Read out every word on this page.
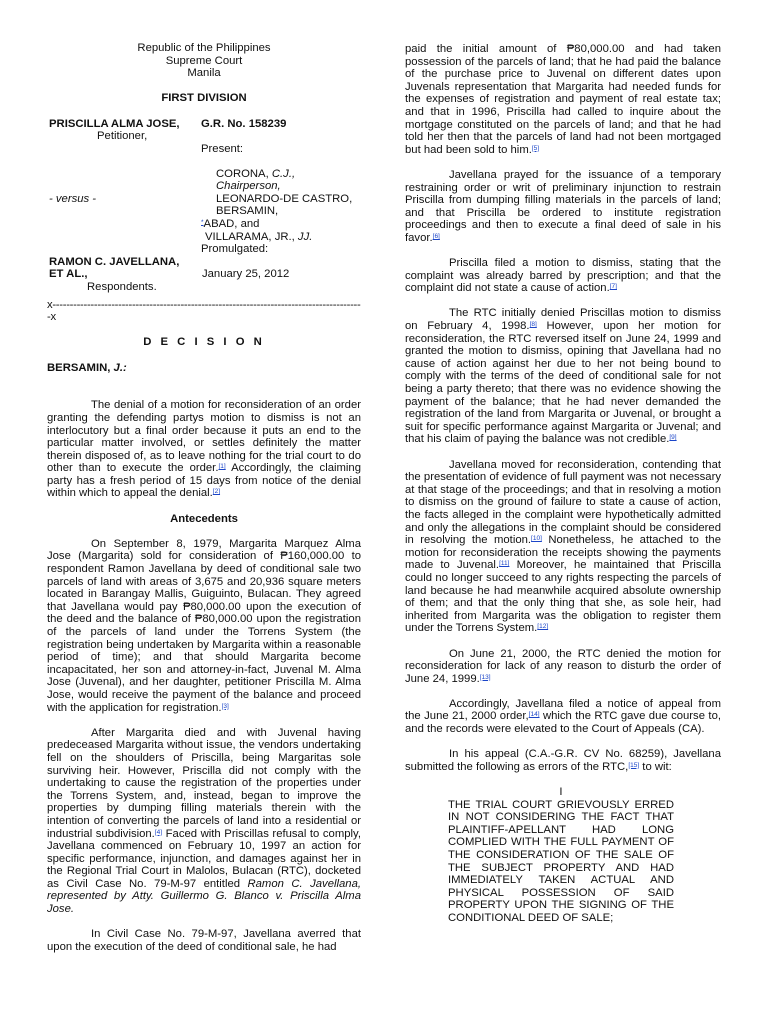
Republic of the Philippines
Supreme Court
Manila
FIRST DIVISION
PRISCILLA ALMA JOSE,
Petitioner,
G.R. No. 158239
Present:
CORONA, C.J.,
Chairperson,
LEONARDO-DE CASTRO,
BERSAMIN,
*ABAD, and
VILLARAMA, JR., JJ.
- versus -
Promulgated:
RAMON C. JAVELLANA,
ET AL.,
Respondents.
January 25, 2012
x------------------------------------------------------------------------------------------x
D E C I S I O N
BERSAMIN, J.:

The denial of a motion for reconsideration of an order granting the defending partys motion to dismiss is not an interlocutory but a final order because it puts an end to the particular matter involved, or settles definitely the matter therein disposed of, as to leave nothing for the trial court to do other than to execute the order.[1] Accordingly, the claiming party has a fresh period of 15 days from notice of the denial within which to appeal the denial.[2]

Antecedents

On September 8, 1979, Margarita Marquez Alma Jose (Margarita) sold for consideration of ₱160,000.00 to respondent Ramon Javellana by deed of conditional sale two parcels of land with areas of 3,675 and 20,936 square meters located in Barangay Mallis, Guiguinto, Bulacan. They agreed that Javellana would pay ₱80,000.00 upon the execution of the deed and the balance of ₱80,000.00 upon the registration of the parcels of land under the Torrens System (the registration being undertaken by Margarita within a reasonable period of time); and that should Margarita become incapacitated, her son and attorney-in-fact, Juvenal M. Alma Jose (Juvenal), and her daughter, petitioner Priscilla M. Alma Jose, would receive the payment of the balance and proceed with the application for registration.[3]

After Margarita died and with Juvenal having predeceased Margarita without issue, the vendors undertaking fell on the shoulders of Priscilla, being Margaritas sole surviving heir. However, Priscilla did not comply with the undertaking to cause the registration of the properties under the Torrens System, and, instead, began to improve the properties by dumping filling materials therein with the intention of converting the parcels of land into a residential or industrial subdivision.[4] Faced with Priscillas refusal to comply, Javellana commenced on February 10, 1997 an action for specific performance, injunction, and damages against her in the Regional Trial Court in Malolos, Bulacan (RTC), docketed as Civil Case No. 79-M-97 entitled Ramon C. Javellana, represented by Atty. Guillermo G. Blanco v. Priscilla Alma Jose.

In Civil Case No. 79-M-97, Javellana averred that upon the execution of the deed of conditional sale, he had

paid the initial amount of ₱80,000.00 and had taken possession of the parcels of land; that he had paid the balance of the purchase price to Juvenal on different dates upon Juvenals representation that Margarita had needed funds for the expenses of registration and payment of real estate tax; and that in 1996, Priscilla had called to inquire about the mortgage constituted on the parcels of land; and that he had told her then that the parcels of land had not been mortgaged but had been sold to him.[5]

Javellana prayed for the issuance of a temporary restraining order or writ of preliminary injunction to restrain Priscilla from dumping filling materials in the parcels of land; and that Priscilla be ordered to institute registration proceedings and then to execute a final deed of sale in his favor.[6]

Priscilla filed a motion to dismiss, stating that the complaint was already barred by prescription; and that the complaint did not state a cause of action.[7]

The RTC initially denied Priscillas motion to dismiss on February 4, 1998.[8] However, upon her motion for reconsideration, the RTC reversed itself on June 24, 1999 and granted the motion to dismiss, opining that Javellana had no cause of action against her due to her not being bound to comply with the terms of the deed of conditional sale for not being a party thereto; that there was no evidence showing the payment of the balance; that he had never demanded the registration of the land from Margarita or Juvenal, or brought a suit for specific performance against Margarita or Juvenal; and that his claim of paying the balance was not credible.[9]

Javellana moved for reconsideration, contending that the presentation of evidence of full payment was not necessary at that stage of the proceedings; and that in resolving a motion to dismiss on the ground of failure to state a cause of action, the facts alleged in the complaint were hypothetically admitted and only the allegations in the complaint should be considered in resolving the motion.[10] Nonetheless, he attached to the motion for reconsideration the receipts showing the payments made to Juvenal.[11] Moreover, he maintained that Priscilla could no longer succeed to any rights respecting the parcels of land because he had meanwhile acquired absolute ownership of them; and that the only thing that she, as sole heir, had inherited from Margarita was the obligation to register them under the Torrens System.[12]

On June 21, 2000, the RTC denied the motion for reconsideration for lack of any reason to disturb the order of June 24, 1999.[13]

Accordingly, Javellana filed a notice of appeal from the June 21, 2000 order,[14] which the RTC gave due course to, and the records were elevated to the Court of Appeals (CA).

In his appeal (C.A.-G.R. CV No. 68259), Javellana submitted the following as errors of the RTC,[15] to wit:

I
THE TRIAL COURT GRIEVOUSLY ERRED IN NOT CONSIDERING THE FACT THAT PLAINTIFF-APELLANT HAD LONG COMPLIED WITH THE FULL PAYMENT OF THE CONSIDERATION OF THE SALE OF THE SUBJECT PROPERTY AND HAD IMMEDIATELY TAKEN ACTUAL AND PHYSICAL POSSESSION OF SAID PROPERTY UPON THE SIGNING OF THE CONDITIONAL DEED OF SALE;
